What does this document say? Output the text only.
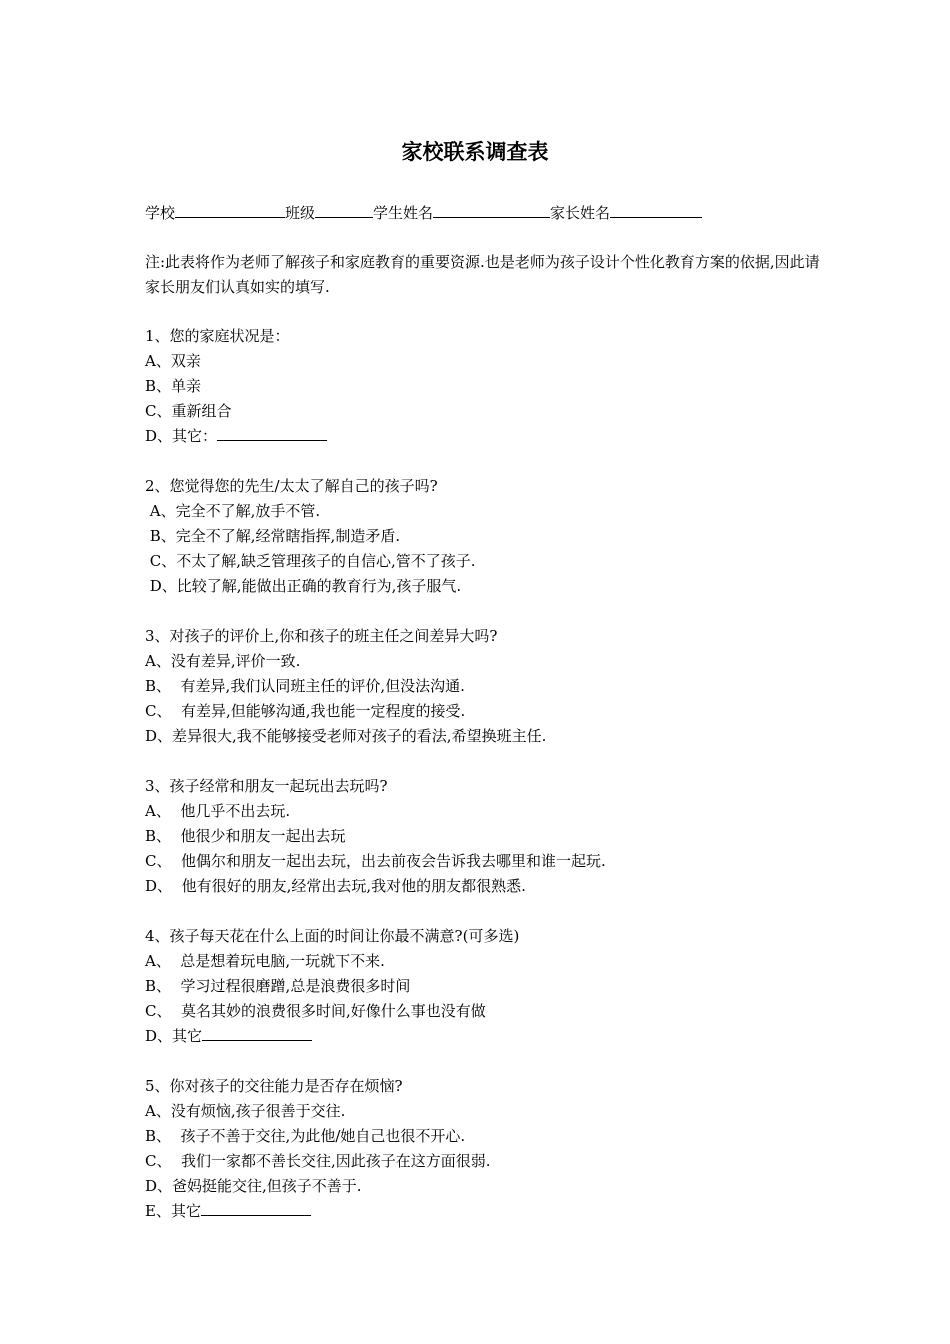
家校联系调查表
学校	班级	学生姓名	家长姓名
注:此表将作为老师了解孩子和家庭教育的重要资源.也是老师为孩子设计个性化教育方案的依据,因此请家长朋友们认真如实的填写.
1、您的家庭状况是：
A、双亲
B、单亲
C、重新组合
D、其它：
2、您觉得您的先生/太太了解自己的孩子吗?
A、完全不了解,放手不管.
B、完全不了解,经常瞎指挥,制造矛盾.
C、不太了解,缺乏管理孩子的自信心,管不了孩子.
D、比较了解,能做出正确的教育行为,孩子服气.
3、对孩子的评价上,你和孩子的班主任之间差异大吗?
A、没有差异,评价一致.
B、  有差异,我们认同班主任的评价,但没法沟通.
C、  有差异,但能够沟通,我也能一定程度的接受.
D、差异很大,我不能够接受老师对孩子的看法,希望换班主任.
3、孩子经常和朋友一起玩出去玩吗?
A、  他几乎不出去玩.
B、  他很少和朋友一起出去玩
C、  他偶尔和朋友一起出去玩，出去前夜会告诉我去哪里和谁一起玩.
D、  他有很好的朋友,经常出去玩,我对他的朋友都很熟悉.
4、孩子每天花在什么上面的时间让你最不满意?(可多选)
A、  总是想着玩电脑,一玩就下不来.
B、  学习过程很磨蹭,总是浪费很多时间
C、  莫名其妙的浪费很多时间,好像什么事也没有做
D、其它
5、你对孩子的交往能力是否存在烦恼?
A、没有烦恼,孩子很善于交往.
B、  孩子不善于交往,为此他/她自己也很不开心.
C、  我们一家都不善长交往,因此孩子在这方面很弱.
D、爸妈挺能交往,但孩子不善于.
E、其它
